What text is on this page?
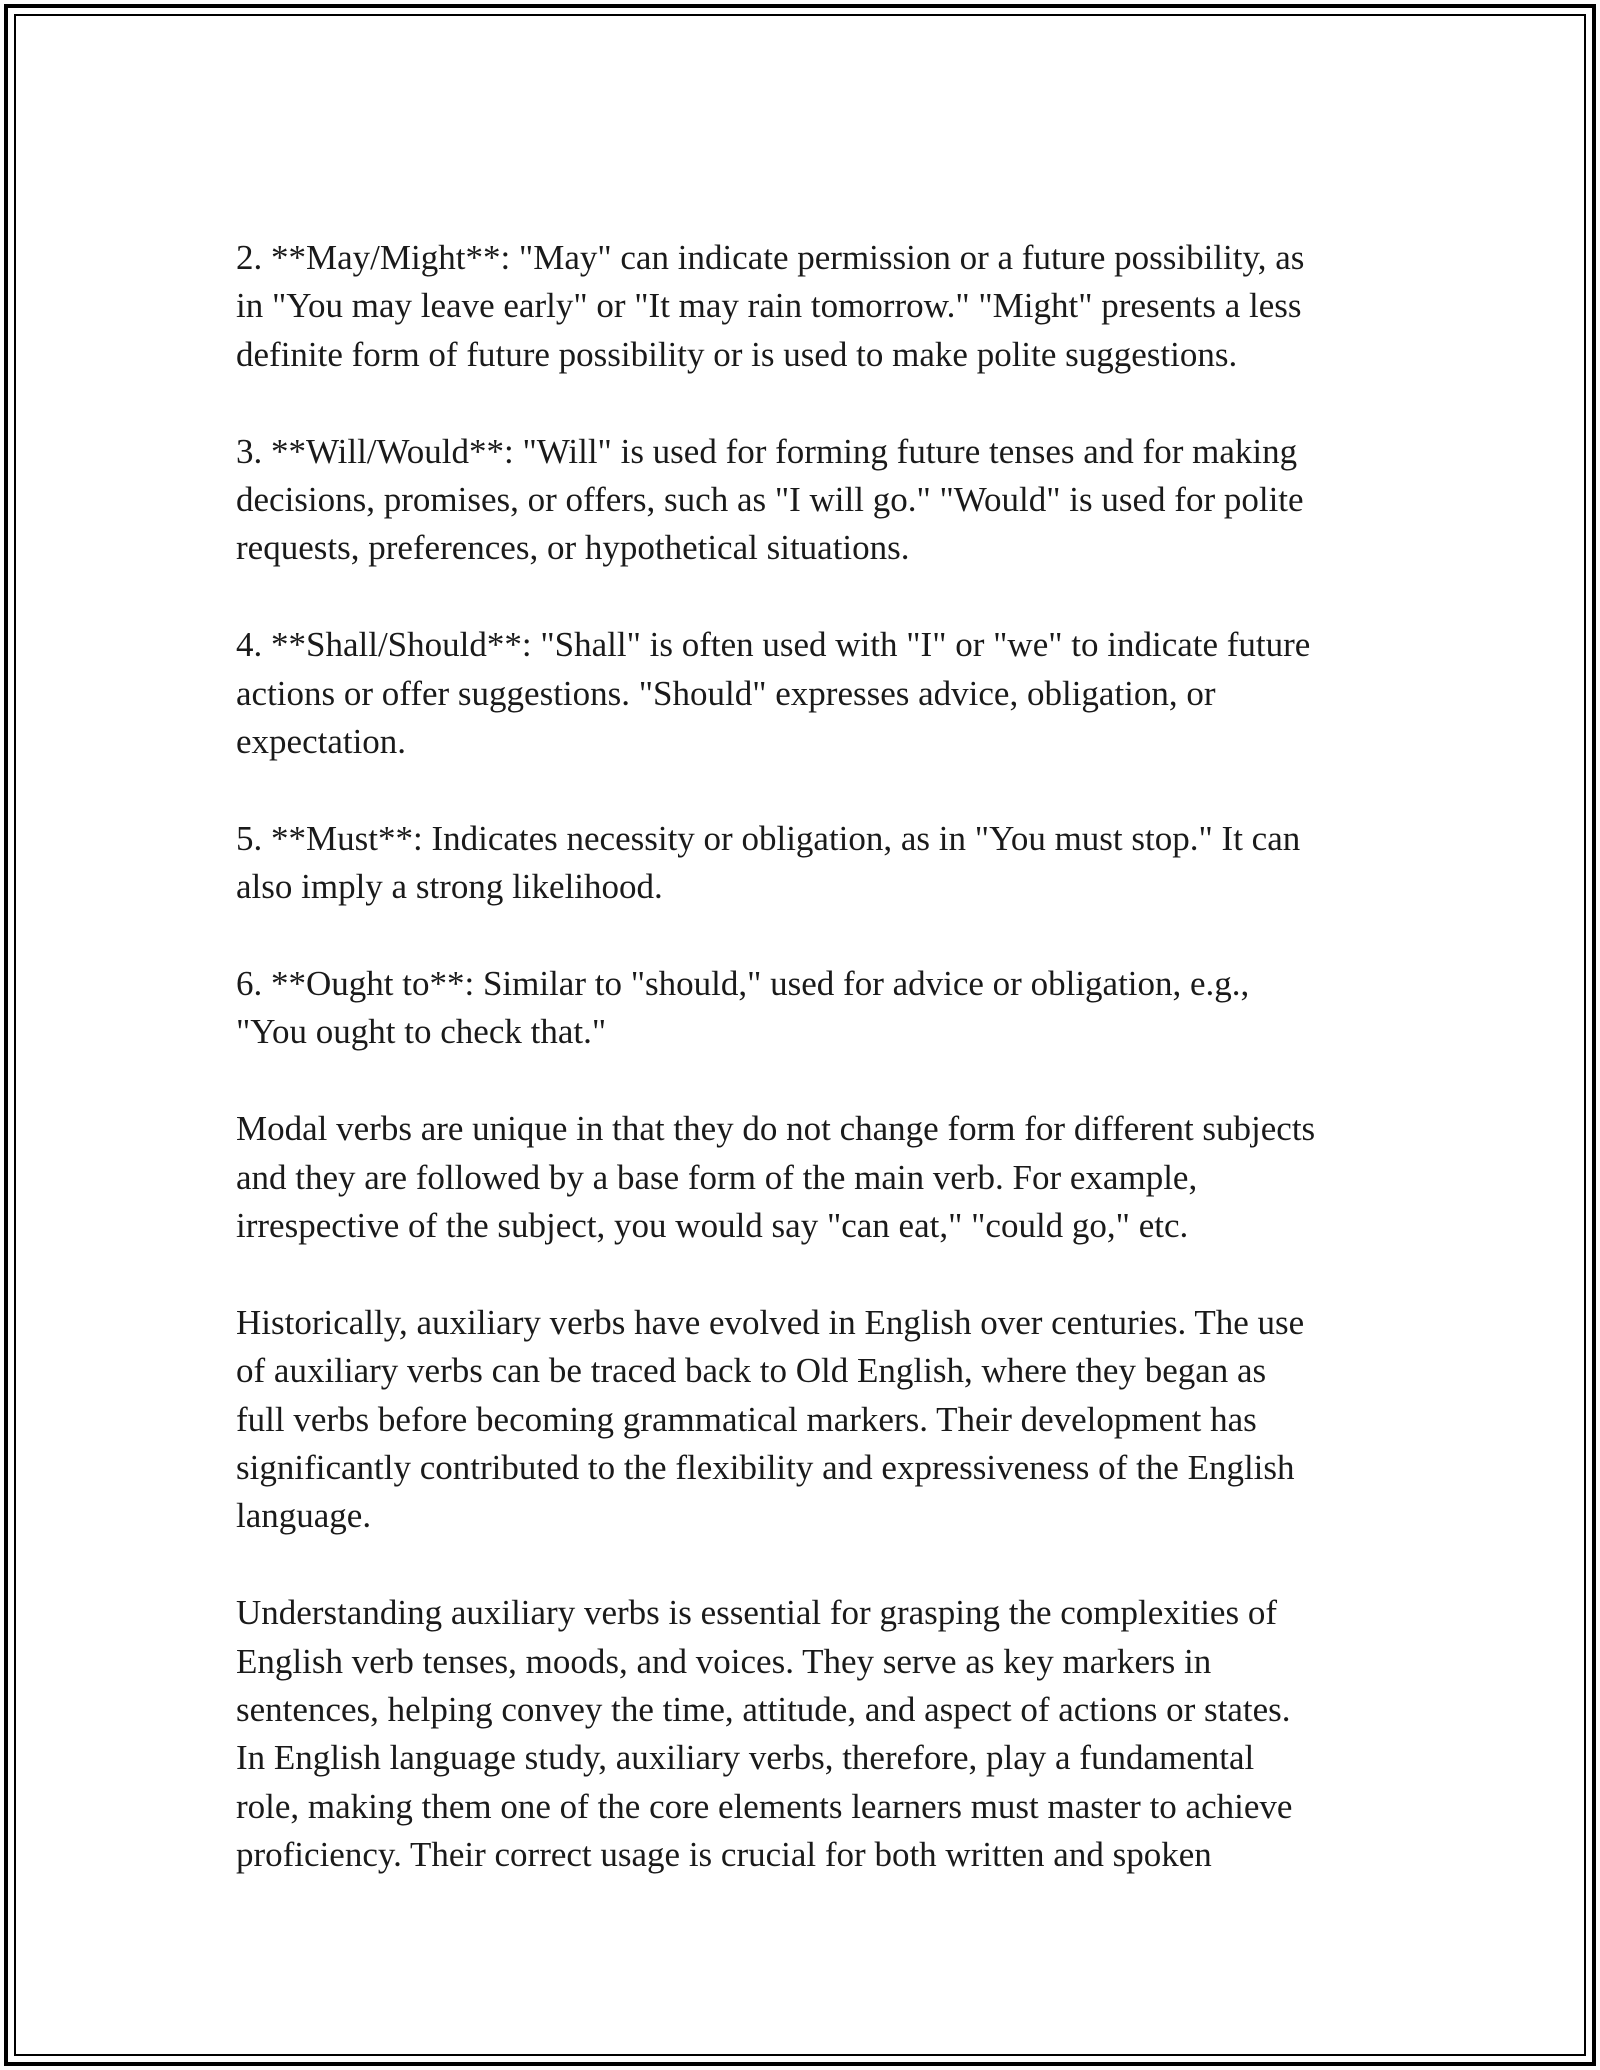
2. **May/Might**: "May" can indicate permission or a future possibility, as
in "You may leave early" or "It may rain tomorrow." "Might" presents a less
definite form of future possibility or is used to make polite suggestions.

3. **Will/Would**: "Will" is used for forming future tenses and for making
decisions, promises, or offers, such as "I will go." "Would" is used for polite
requests, preferences, or hypothetical situations.

4. **Shall/Should**: "Shall" is often used with "I" or "we" to indicate future
actions or offer suggestions. "Should" expresses advice, obligation, or
expectation.

5. **Must**: Indicates necessity or obligation, as in "You must stop." It can
also imply a strong likelihood.

6. **Ought to**: Similar to "should," used for advice or obligation, e.g.,
"You ought to check that."

Modal verbs are unique in that they do not change form for different subjects
and they are followed by a base form of the main verb. For example,
irrespective of the subject, you would say "can eat," "could go," etc.

Historically, auxiliary verbs have evolved in English over centuries. The use
of auxiliary verbs can be traced back to Old English, where they began as
full verbs before becoming grammatical markers. Their development has
significantly contributed to the flexibility and expressiveness of the English
language.

Understanding auxiliary verbs is essential for grasping the complexities of
English verb tenses, moods, and voices. They serve as key markers in
sentences, helping convey the time, attitude, and aspect of actions or states.
In English language study, auxiliary verbs, therefore, play a fundamental
role, making them one of the core elements learners must master to achieve
proficiency. Their correct usage is crucial for both written and spoken
